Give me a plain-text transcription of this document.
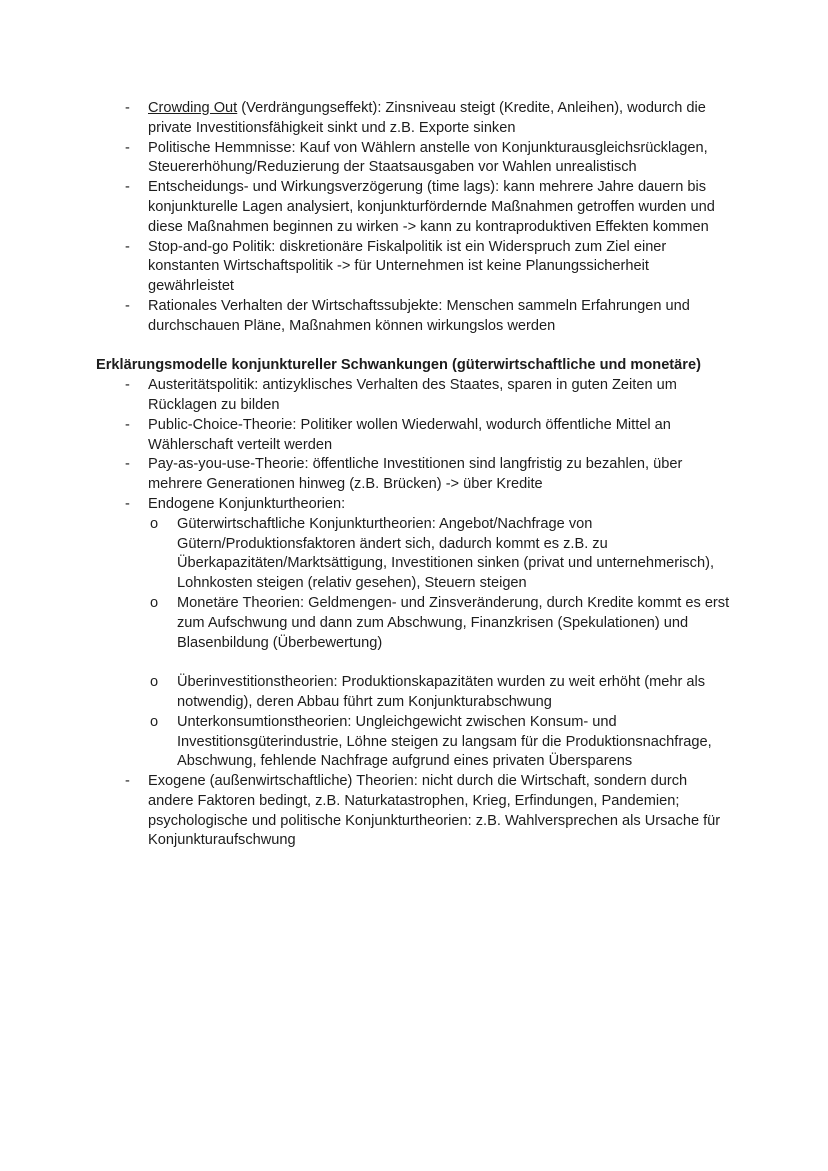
-	Crowding Out (Verdrängungseffekt): Zinsniveau steigt (Kredite, Anleihen), wodurch die private Investitionsfähigkeit sinkt und z.B. Exporte sinken
-	Politische Hemmnisse: Kauf von Wählern anstelle von Konjunkturausgleichsrücklagen, Steuererhöhung/Reduzierung der Staatsausgaben vor Wahlen unrealistisch
-	Entscheidungs- und Wirkungsverzögerung (time lags): kann mehrere Jahre dauern bis konjunkturelle Lagen analysiert, konjunkturfördernde Maßnahmen getroffen wurden und diese Maßnahmen beginnen zu wirken -> kann zu kontraproduktiven Effekten kommen
-	Stop-and-go Politik: diskretionäre Fiskalpolitik ist ein Widerspruch zum Ziel einer konstanten Wirtschaftspolitik -> für Unternehmen ist keine Planungssicherheit gewährleistet
-	Rationales Verhalten der Wirtschaftssubjekte: Menschen sammeln Erfahrungen und durchschauen Pläne, Maßnahmen können wirkungslos werden
Erklärungsmodelle konjunktureller Schwankungen (güterwirtschaftliche und monetäre)
-	Austeritätspolitik: antizyklisches Verhalten des Staates, sparen in guten Zeiten um Rücklagen zu bilden
-	Public-Choice-Theorie: Politiker wollen Wiederwahl, wodurch öffentliche Mittel an Wählerschaft verteilt werden
-	Pay-as-you-use-Theorie: öffentliche Investitionen sind langfristig zu bezahlen, über mehrere Generationen hinweg (z.B. Brücken) -> über Kredite
-	Endogene Konjunkturtheorien:
o	Güterwirtschaftliche Konjunkturtheorien: Angebot/Nachfrage von Gütern/Produktionsfaktoren ändert sich, dadurch kommt es z.B. zu Überkapazitäten/Marktsättigung, Investitionen sinken (privat und unternehmerisch), Lohnkosten steigen (relativ gesehen), Steuern steigen
o	Monetäre Theorien: Geldmengen- und Zinsveränderung, durch Kredite kommt es erst zum Aufschwung und dann zum Abschwung, Finanzkrisen (Spekulationen) und Blasenbildung (Überbewertung)
o	Überinvestitionstheorien: Produktionskapazitäten wurden zu weit erhöht (mehr als notwendig), deren Abbau führt zum Konjunkturabschwung
o	Unterkonsumtionstheorien: Ungleichgewicht zwischen Konsum- und Investitionsgüterindustrie, Löhne steigen zu langsam für die Produktionsnachfrage, Abschwung, fehlende Nachfrage aufgrund eines privaten Übersparens
-	Exogene (außenwirtschaftliche) Theorien: nicht durch die Wirtschaft, sondern durch andere Faktoren bedingt, z.B. Naturkatastrophen, Krieg, Erfindungen, Pandemien; psychologische und politische Konjunkturtheorien: z.B. Wahlversprechen als Ursache für Konjunkturaufschwung
